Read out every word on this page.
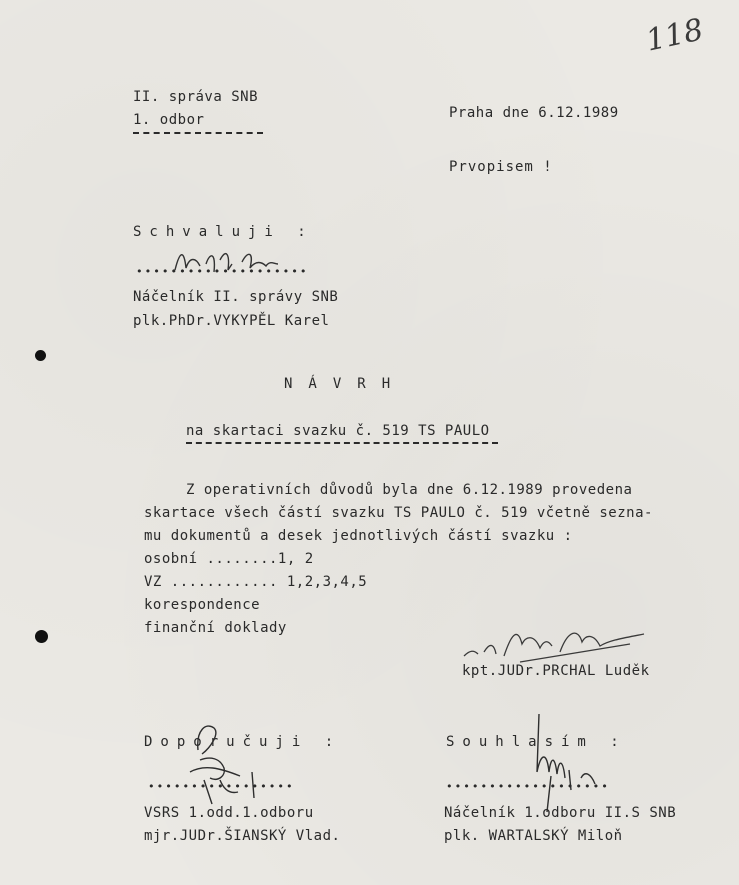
118
II. správa SNB
1. odbor	Praha dne 6.12.1989
Prvopisem !
Schvaluji :
••••••••••••••••••••
Náčelník II. správy SNB
plk.PhDr.VYKYPĚL Karel
NÁVRH
na skartaci svazku č. 519 TS PAULO
Z operativních důvodů byla dne 6.12.1989 provedena
skartace všech částí svazku TS PAULO č. 519 včetně sezna-
mu dokumentů a desek jednotlivých částí svazku :
osobní ........1, 2
VZ ............ 1,2,3,4,5
korespondence
finanční doklady
kpt.JUDr.PRCHAL Luděk
Doporučuji :
•••••••••••••••••
VSRS 1.odd.1.odboru
mjr.JUDr.ŠIANSKÝ Vlad.
Souhlasím :
•••••••••••••••••••
Náčelník 1.odboru II.S SNB
plk. WARTALSKÝ Miloň
